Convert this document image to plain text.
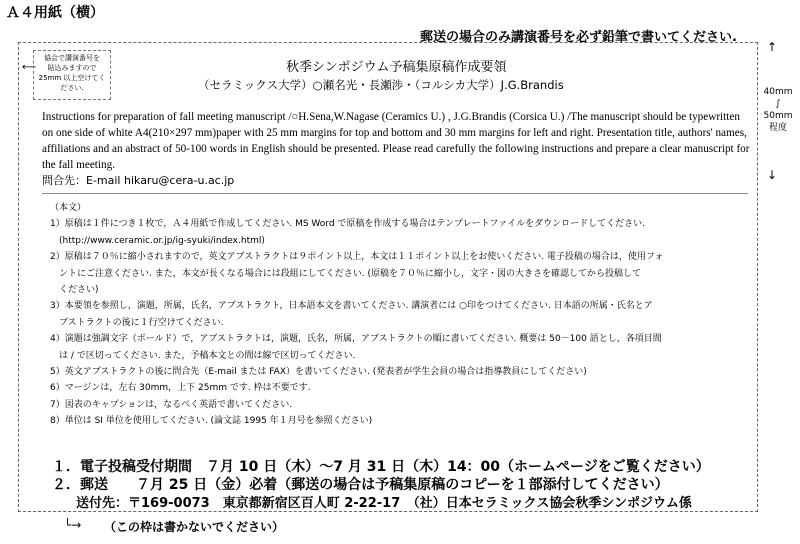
Ａ４用紙（横）
郵送の場合のみ講演番号を必ず鉛筆で書いてください.
⟵
協会で講演番号を
貼込みますので
25mm 以上空けてく
ださい.
秋季シンポジウム予稿集原稿作成要領
（セラミックス大学）○瀬名光・長瀬渉・（コルシカ大学）J.G.Brandis
Instructions for preparation of fall meeting manuscript /○H.Sena,W.Nagase (Ceramics U.) , J.G.Brandis (Corsica U.) /The manuscript should be typewritten on one side of white A4(210×297 mm)paper with 25 mm margins for top and bottom and 30 mm margins for left and right. Presentation title, authors' names, affiliations and an abstract of 50-100 words in English should be presented. Please read carefully the following instructions and prepare a clear manuscript for the fall meeting.
問合先：E-mail hikaru@cera-u.ac.jp
（本文）
1）原稿は１件につき１枚で，Ａ４用紙で作成してください. MS Word で原稿を作成する場合はテンプレートファイルをダウンロードしてください.
　(http://www.ceramic.or.jp/ig-syuki/index.html)
2）原稿は７０％に縮小されますので，英文アブストラクトは９ポイント以上，本文は１１ポイント以上をお使いください. 電子投稿の場合は，使用フォ
　ントにご注意ください. また，本文が長くなる場合には段組にしてください. (原稿を７０％に縮小し，文字・図の大きさを確認してから投稿して
　ください)
3）本要領を参照し，演題，所属，氏名，アブストラクト，日本語本文を書いてください. 講演者には ○印をつけてください. 日本語の所属・氏名とア
　ブストラクトの後に１行空けてください.
4）演題は強調文字（ボールド）で，アブストラクトは，演題，氏名，所属，アブストラクトの順に書いてください. 概要は 50－100 語とし，各項目間
　は / で区切ってください. また，予稿本文との間は線で区切ってください.
5）英文アブストラクトの後に問合先（E-mail または FAX）を書いてください. (発表者が学生会員の場合は指導教員にしてください)
6）マージンは，左右 30mm，上下 25mm です. 枠は不要です.
7）図表のキャプションは，なるべく英語で書いてください.
8）単位は SI 単位を使用してください. (論文誌 1995 年１月号を参照ください)
１．電子投稿受付期間　７月 10 日（木）～7 月 31 日（木）14：00（ホームページをご覧ください）
２．郵送　　７月 25 日（金）必着（郵送の場合は予稿集原稿のコピーを１部添付してください）
送付先：〒169-0073　東京都新宿区百人町 2-22-17　（社）日本セラミックス協会秋季シンポジウム係
↑
40mm
∫
50mm
程度
↓
└→ （この枠は書かないでください）
